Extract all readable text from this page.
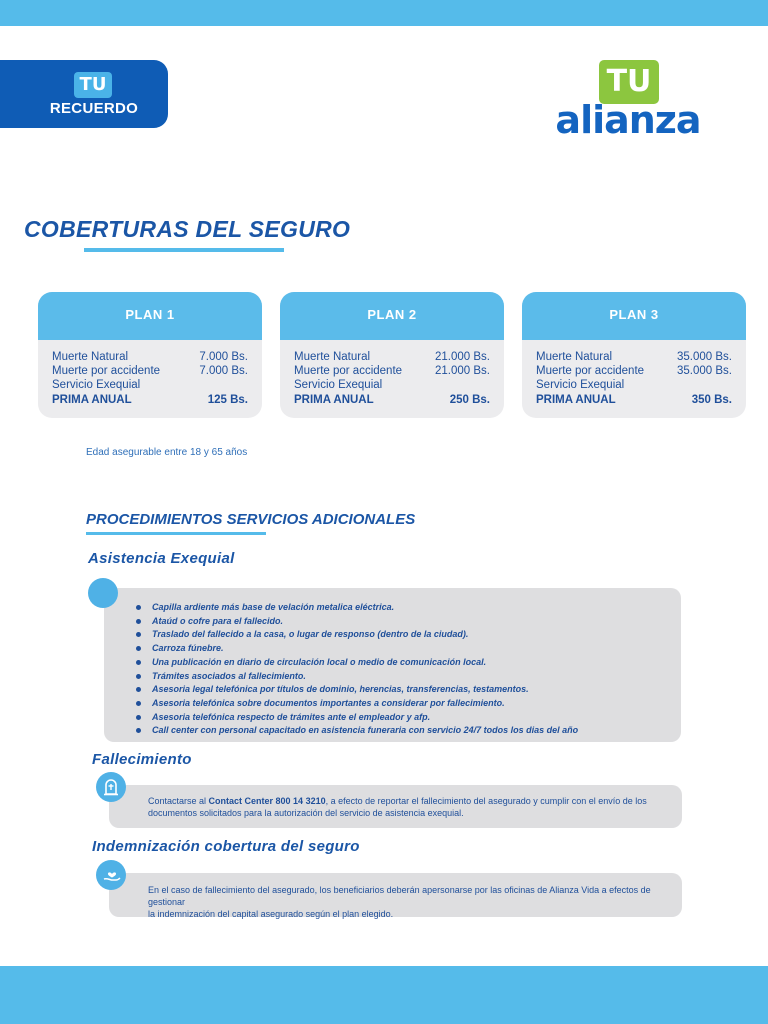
TU
RECUERDO
TU
alianza
COBERTURAS DEL SEGURO
PLAN 1
Muerte Natural	7.000 Bs.
Muerte por accidente	7.000 Bs.
Servicio Exequial
PRIMA ANUAL	125 Bs.
PLAN 2
Muerte Natural	21.000 Bs.
Muerte por accidente	21.000 Bs.
Servicio Exequial
PRIMA ANUAL	250 Bs.
PLAN 3
Muerte Natural	35.000 Bs.
Muerte por accidente	35.000 Bs.
Servicio Exequial
PRIMA ANUAL	350 Bs.
Edad asegurable entre 18 y 65 años
PROCEDIMIENTOS SERVICIOS ADICIONALES
Asistencia Exequial
Capilla ardiente más base de velación metalica eléctrica.
Ataúd o cofre para el fallecido.
Traslado del fallecido a la casa, o lugar de responso (dentro de la ciudad).
Carroza fúnebre.
Una publicación en diario de circulación local o medio de comunicación local.
Trámites asociados al fallecimiento.
Asesoria legal telefónica por títulos de dominio, herencias, transferencias, testamentos.
Asesoria telefónica sobre documentos importantes a considerar por fallecimiento.
Asesoria telefónica respecto de trámites ante el empleador y afp.
Call center con personal capacitado en asistencia funeraria con servicio 24/7 todos los dias del año
Fallecimiento
Contactarse al Contact Center 800 14 3210, a efecto de reportar el fallecimiento del asegurado y cumplir con el envío de los
documentos solicitados para la autorización del servicio de asistencia exequial.
Indemnización cobertura del seguro
En el caso de fallecimiento del asegurado, los beneficiarios deberán apersonarse por las oficinas de Alianza Vida a efectos de gestionar
la indemnización del capital asegurado según el plan elegido.
